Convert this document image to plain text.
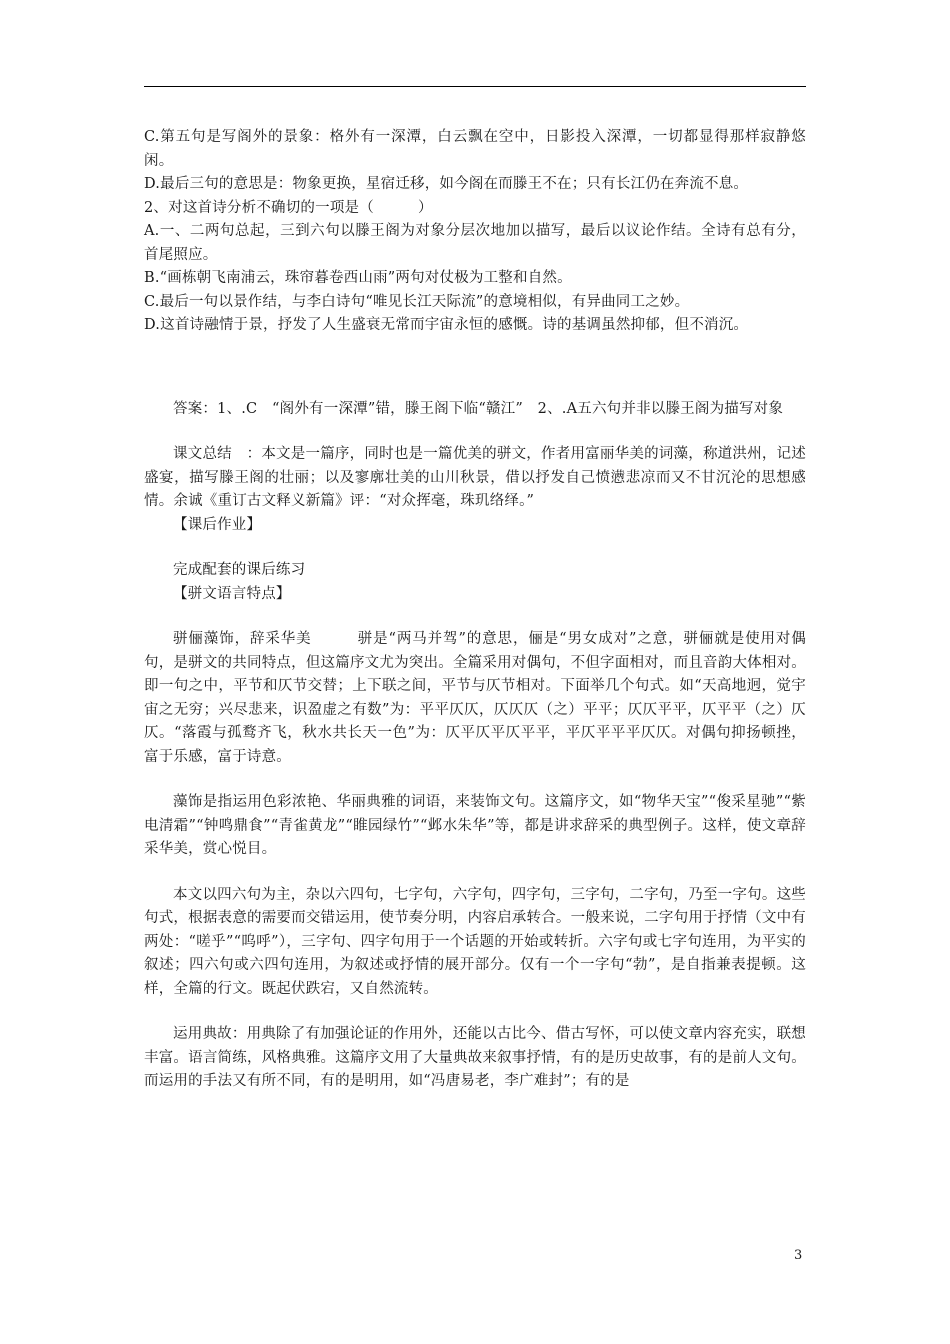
C.第五句是写阁外的景象：格外有一深潭，白云飘在空中，日影投入深潭，一切都显得那样寂静悠闲。

D.最后三句的意思是：物象更换，星宿迁移，如今阁在而滕王不在；只有长江仍在奔流不息。

2、对这首诗分析不确切的一项是（　　　）

A.一、二两句总起，三到六句以滕王阁为对象分层次地加以描写，最后以议论作结。全诗有总有分，首尾照应。

B.“画栋朝飞南浦云，珠帘暮卷西山雨”两句对仗极为工整和自然。

C.最后一句以景作结，与李白诗句“唯见长江天际流”的意境相似，有异曲同工之妙。

D.这首诗融情于景，抒发了人生盛衰无常而宇宙永恒的感慨。诗的基调虽然抑郁，但不消沉。

答案：1、.C　“阁外有一深潭”错，滕王阁下临“赣江”　2、.A五六句并非以滕王阁为描写对象

课文总结　：本文是一篇序，同时也是一篇优美的骈文，作者用富丽华美的词藻，称道洪州，记述盛宴，描写滕王阁的壮丽；以及寥廓壮美的山川秋景，借以抒发自己愤懑悲凉而又不甘沉沦的思想感情。余诚《重订古文释义新篇》评：“对众挥毫，珠玑络绎。”

【课后作业】

完成配套的课后练习

【骈文语言特点】

骈俪藻饰，辞采华美　　　骈是“两马并驾”的意思，俪是“男女成对”之意，骈俪就是使用对偶句，是骈文的共同特点，但这篇序文尤为突出。全篇采用对偶句，不但字面相对，而且音韵大体相对。即一句之中，平节和仄节交替；上下联之间，平节与仄节相对。下面举几个句式。如“天高地迥，觉宇宙之无穷；兴尽悲来，识盈虚之有数”为：平平仄仄，仄仄仄（之）平平；仄仄平平，仄平平（之）仄仄。“落霞与孤鹜齐飞，秋水共长天一色”为：仄平仄平仄平平，平仄平平平仄仄。对偶句抑扬顿挫，富于乐感，富于诗意。

藻饰是指运用色彩浓艳、华丽典雅的词语，来装饰文句。这篇序文，如“物华天宝”“俊采星驰”“紫电清霜”“钟鸣鼎食”“青雀黄龙”“睢园绿竹”“邺水朱华”等，都是讲求辞采的典型例子。这样，使文章辞采华美，赏心悦目。

本文以四六句为主，杂以六四句，七字句，六字句，四字句，三字句，二字句，乃至一字句。这些句式，根据表意的需要而交错运用，使节奏分明，内容启承转合。一般来说，二字句用于抒情（文中有两处：“嗟乎”“呜呼”），三字句、四字句用于一个话题的开始或转折。六字句或七字句连用，为平实的叙述；四六句或六四句连用，为叙述或抒情的展开部分。仅有一个一字句“勃”，是自指兼表提顿。这样，全篇的行文。既起伏跌宕，又自然流转。

运用典故：用典除了有加强论证的作用外，还能以古比今、借古写怀，可以使文章内容充实，联想丰富。语言简练，风格典雅。这篇序文用了大量典故来叙事抒情，有的是历史故事，有的是前人文句。而运用的手法又有所不同，有的是明用，如“冯唐易老，李广难封”；有的是

3
